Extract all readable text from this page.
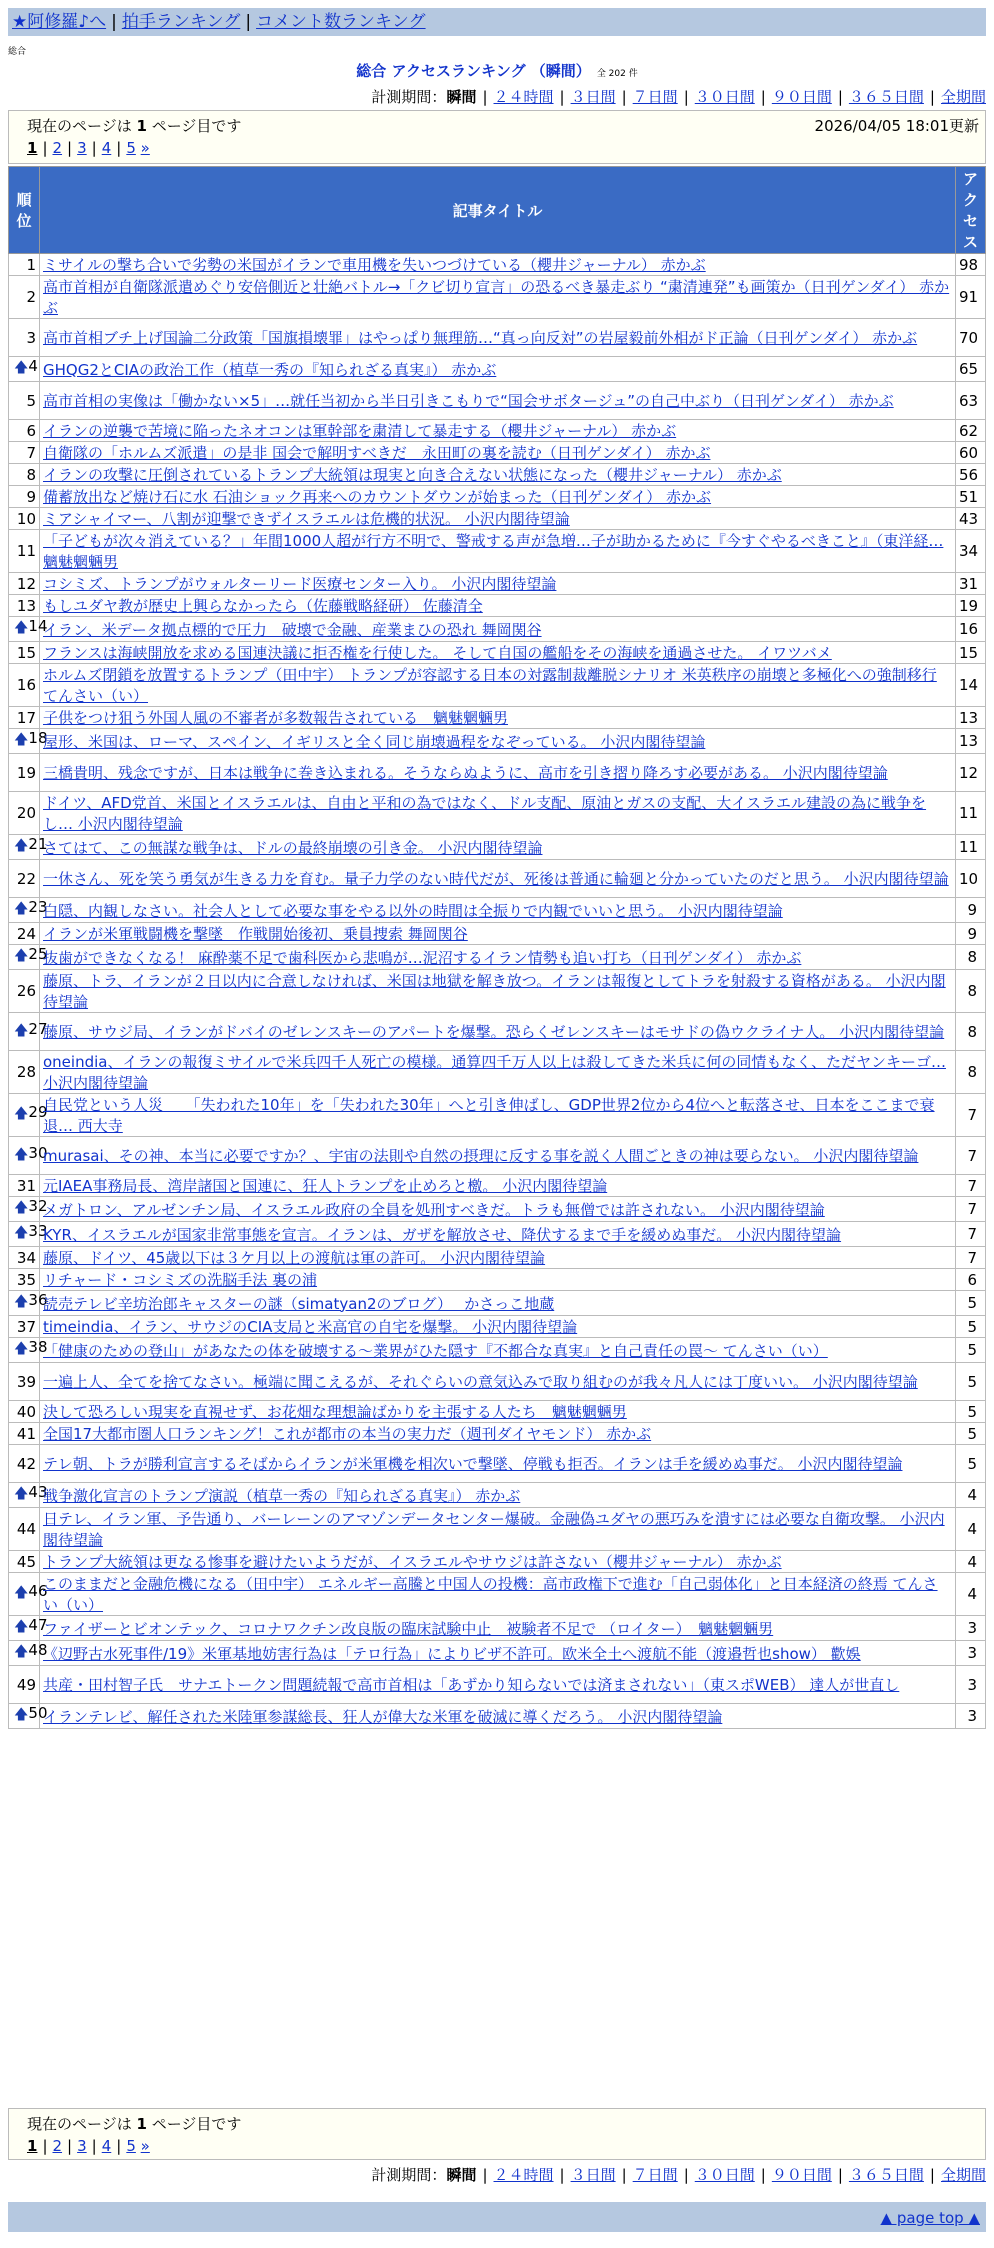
★阿修羅♪へ | 拍手ランキング | コメント数ランキング
総合
総合 アクセスランキング （瞬間） 全 202 件
計測期間：瞬間 | ２４時間 | ３日間 | ７日間 | ３０日間 | ９０日間 | ３６５日間 | 全期間
現在のページは 1 ページ目です	2026/04/05 18:01更新
1 | 2 | 3 | 4 | 5 »
順位	記事タイトル	アクセス
1	ミサイルの撃ち合いで劣勢の米国がイランで車用機を失いつづけている（櫻井ジャーナル） 赤かぶ	98
2	高市首相が自衛隊派遣めぐり安倍側近と壮絶バトル→「クビ切り宣言」の恐るべき暴走ぶり “粛清連発”も画策か（日刊ゲンダイ） 赤かぶ	91
3	高市首相ブチ上げ国論二分政策「国旗損壊罪」はやっぱり無理筋…“真っ向反対”の岩屋毅前外相がド正論（日刊ゲンダイ） 赤かぶ	70

🡅 4	GHQG2とCIAの政治工作（植草一秀の『知られざる真実』） 赤かぶ	65
5	高市首相の実像は「働かない×5」…就任当初から半日引きこもりで“国会サボタージュ”の自己中ぶり（日刊ゲンダイ） 赤かぶ	63
6	イランの逆襲で苦境に陥ったネオコンは軍幹部を粛清して暴走する（櫻井ジャーナル） 赤かぶ	62
7	自衛隊の「ホルムズ派遣」の是非 国会で解明すべきだ　永田町の裏を読む（日刊ゲンダイ） 赤かぶ	60
8	イランの攻撃に圧倒されているトランプ大統領は現実と向き合えない状態になった（櫻井ジャーナル） 赤かぶ	56
9	備蓄放出など焼け石に水 石油ショック再来へのカウントダウンが始まった（日刊ゲンダイ） 赤かぶ	51
10	ミアシャイマー、八割が迎撃できずイスラエルは危機的状況。 小沢内閣待望論	43
11	「子どもが次々消えている？」年間1000人超が行方不明で、警戒する声が急増…子が助かるために『今すぐやるべきこと』（東洋経… 魑魅魍魎男	34
12	コシミズ、トランプがウォルターリード医療センター入り。 小沢内閣待望論	31
13	もしユダヤ教が歴史上興らなかったら（佐藤戦略経研） 佐藤清全	19

🡅 14	イラン、米データ拠点標的で圧力　破壊で金融、産業まひの恐れ 舞岡関谷	16
15	フランスは海峡開放を求める国連決議に拒否権を行使した。 そして自国の艦船をその海峡を通過させた。 イワツバメ	15
16	ホルムズ閉鎖を放置するトランプ（田中宇） トランプが容認する日本の対露制裁離脱シナリオ 米英秩序の崩壊と多極化への強制移行 てんさい（い）	14
17	子供をつけ狙う外国人風の不審者が多数報告されている　魑魅魍魎男	13

🡅 18	屋形、米国は、ローマ、スペイン、イギリスと全く同じ崩壊過程をなぞっている。 小沢内閣待望論	13
19	三橋貴明、残念ですが、日本は戦争に巻き込まれる。そうならぬように、高市を引き摺り降ろす必要がある。 小沢内閣待望論	12
20	ドイツ、AFD党首、米国とイスラエルは、自由と平和の為ではなく、ドル支配、原油とガスの支配、大イスラエル建設の為に戦争をし… 小沢内閣待望論	11

🡅 21	さてはて、この無謀な戦争は、ドルの最終崩壊の引き金。 小沢内閣待望論	11
22	一休さん、死を笑う勇気が生きる力を育む。量子力学のない時代だが、死後は普通に輪廻と分かっていたのだと思う。 小沢内閣待望論	10

🡅 23	白隠、内観しなさい。社会人として必要な事をやる以外の時間は全振りで内観でいいと思う。 小沢内閣待望論	9
24	イランが米軍戦闘機を撃墜　作戦開始後初、乗員捜索 舞岡関谷	9

🡅 25	抜歯ができなくなる！ 麻酔薬不足で歯科医から悲鳴が…泥沼するイラン情勢も追い打ち（日刊ゲンダイ） 赤かぶ	8
26	藤原、トラ、イランが２日以内に合意しなければ、米国は地獄を解き放つ。イランは報復としてトラを射殺する資格がある。 小沢内閣待望論	8

🡅 27	藤原、サウジ局、イランがドバイのゼレンスキーのアパートを爆撃。恐らくゼレンスキーはモサドの偽ウクライナ人。 小沢内閣待望論	8
28	oneindia、イランの報復ミサイルで米兵四千人死亡の模様。通算四千万人以上は殺してきた米兵に何の同情もなく、ただヤンキーゴ… 小沢内閣待望論	8

🡅 29	自民党という人災　　「失われた10年」を「失われた30年」へと引き伸ばし、GDP世界2位から4位へと転落させ、日本をここまで衰退… 西大寺	7

🡅 30	murasai、その神、本当に必要ですか？、宇宙の法則や自然の摂理に反する事を説く人間ごときの神は要らない。 小沢内閣待望論	7
31	元IAEA事務局長、湾岸諸国と国連に、狂人トランプを止めろと檄。 小沢内閣待望論	7

🡅 32	メガトロン、アルゼンチン局、イスラエル政府の全員を処刑すべきだ。トラも無僧では許されない。 小沢内閣待望論	7

🡅 33	KYR、イスラエルが国家非常事態を宣言。イランは、ガザを解放させ、降伏するまで手を緩めぬ事だ。 小沢内閣待望論	7
34	藤原、ドイツ、45歳以下は３ケ月以上の渡航は軍の許可。 小沢内閣待望論	7
35	リチャード・コシミズの洗脳手法 裏の浦	6

🡅 36	読売テレビ辛坊治郎キャスターの謎（simatyan2のブログ）　 かさっこ地蔵	5
37	timeindia、イラン、サウジのCIA支局と米高官の自宅を爆撃。 小沢内閣待望論	5

🡅 38	「健康のための登山」があなたの体を破壊する～業界がひた隠す『不都合な真実』と自己責任の罠～ てんさい（い）	5
39	一遍上人、全てを捨てなさい。極端に聞こえるが、それぐらいの意気込みで取り組むのが我々凡人には丁度いい。 小沢内閣待望論	5
40	決して恐ろしい現実を直視せず、お花畑な理想論ばかりを主張する人たち　魑魅魍魎男	5
41	全国17大都市圏人口ランキング！これが都市の本当の実力だ（週刊ダイヤモンド） 赤かぶ	5
42	テレ朝、トラが勝利宣言するそばからイランが米軍機を相次いで撃墜、停戦も拒否。イランは手を緩めぬ事だ。 小沢内閣待望論	5

🡅 43	戦争激化宣言のトランプ演説（植草一秀の『知られざる真実』） 赤かぶ	4
44	日テレ、イラン軍、予告通り、バーレーンのアマゾンデータセンター爆破。金融偽ユダヤの悪巧みを潰すには必要な自衛攻撃。 小沢内閣待望論	4
45	トランプ大統領は更なる惨事を避けたいようだが、イスラエルやサウジは許さない（櫻井ジャーナル） 赤かぶ	4

🡅 46	このままだと金融危機になる（田中宇） エネルギー高騰と中国人の投機：高市政権下で進む「自己弱体化」と日本経済の終焉 てんさい（い）	4

🡅 47	ファイザーとビオンテック、コロナワクチン改良版の臨床試験中止　被験者不足で （ロイター）　魑魅魍魎男	3

🡅 48	《辺野古水死事件/19》米軍基地妨害行為は「テロ行為」によりビザ不許可。欧米全土へ渡航不能（渡邉哲也show） 歡娛	3
49	共産・田村智子氏　サナエトークン問題続報で高市首相は「あずかり知らないでは済まされない」（東スポWEB） 達人が世直し	3

🡅 50	イランテレビ、解任された米陸軍参謀総長、狂人が偉大な米軍を破滅に導くだろう。 小沢内閣待望論	3
現在のページは 1 ページ目です
1 | 2 | 3 | 4 | 5 »
計測期間：瞬間 | ２４時間 | ３日間 | ７日間 | ３０日間 | ９０日間 | ３６５日間 | 全期間
▲ page top ▲
